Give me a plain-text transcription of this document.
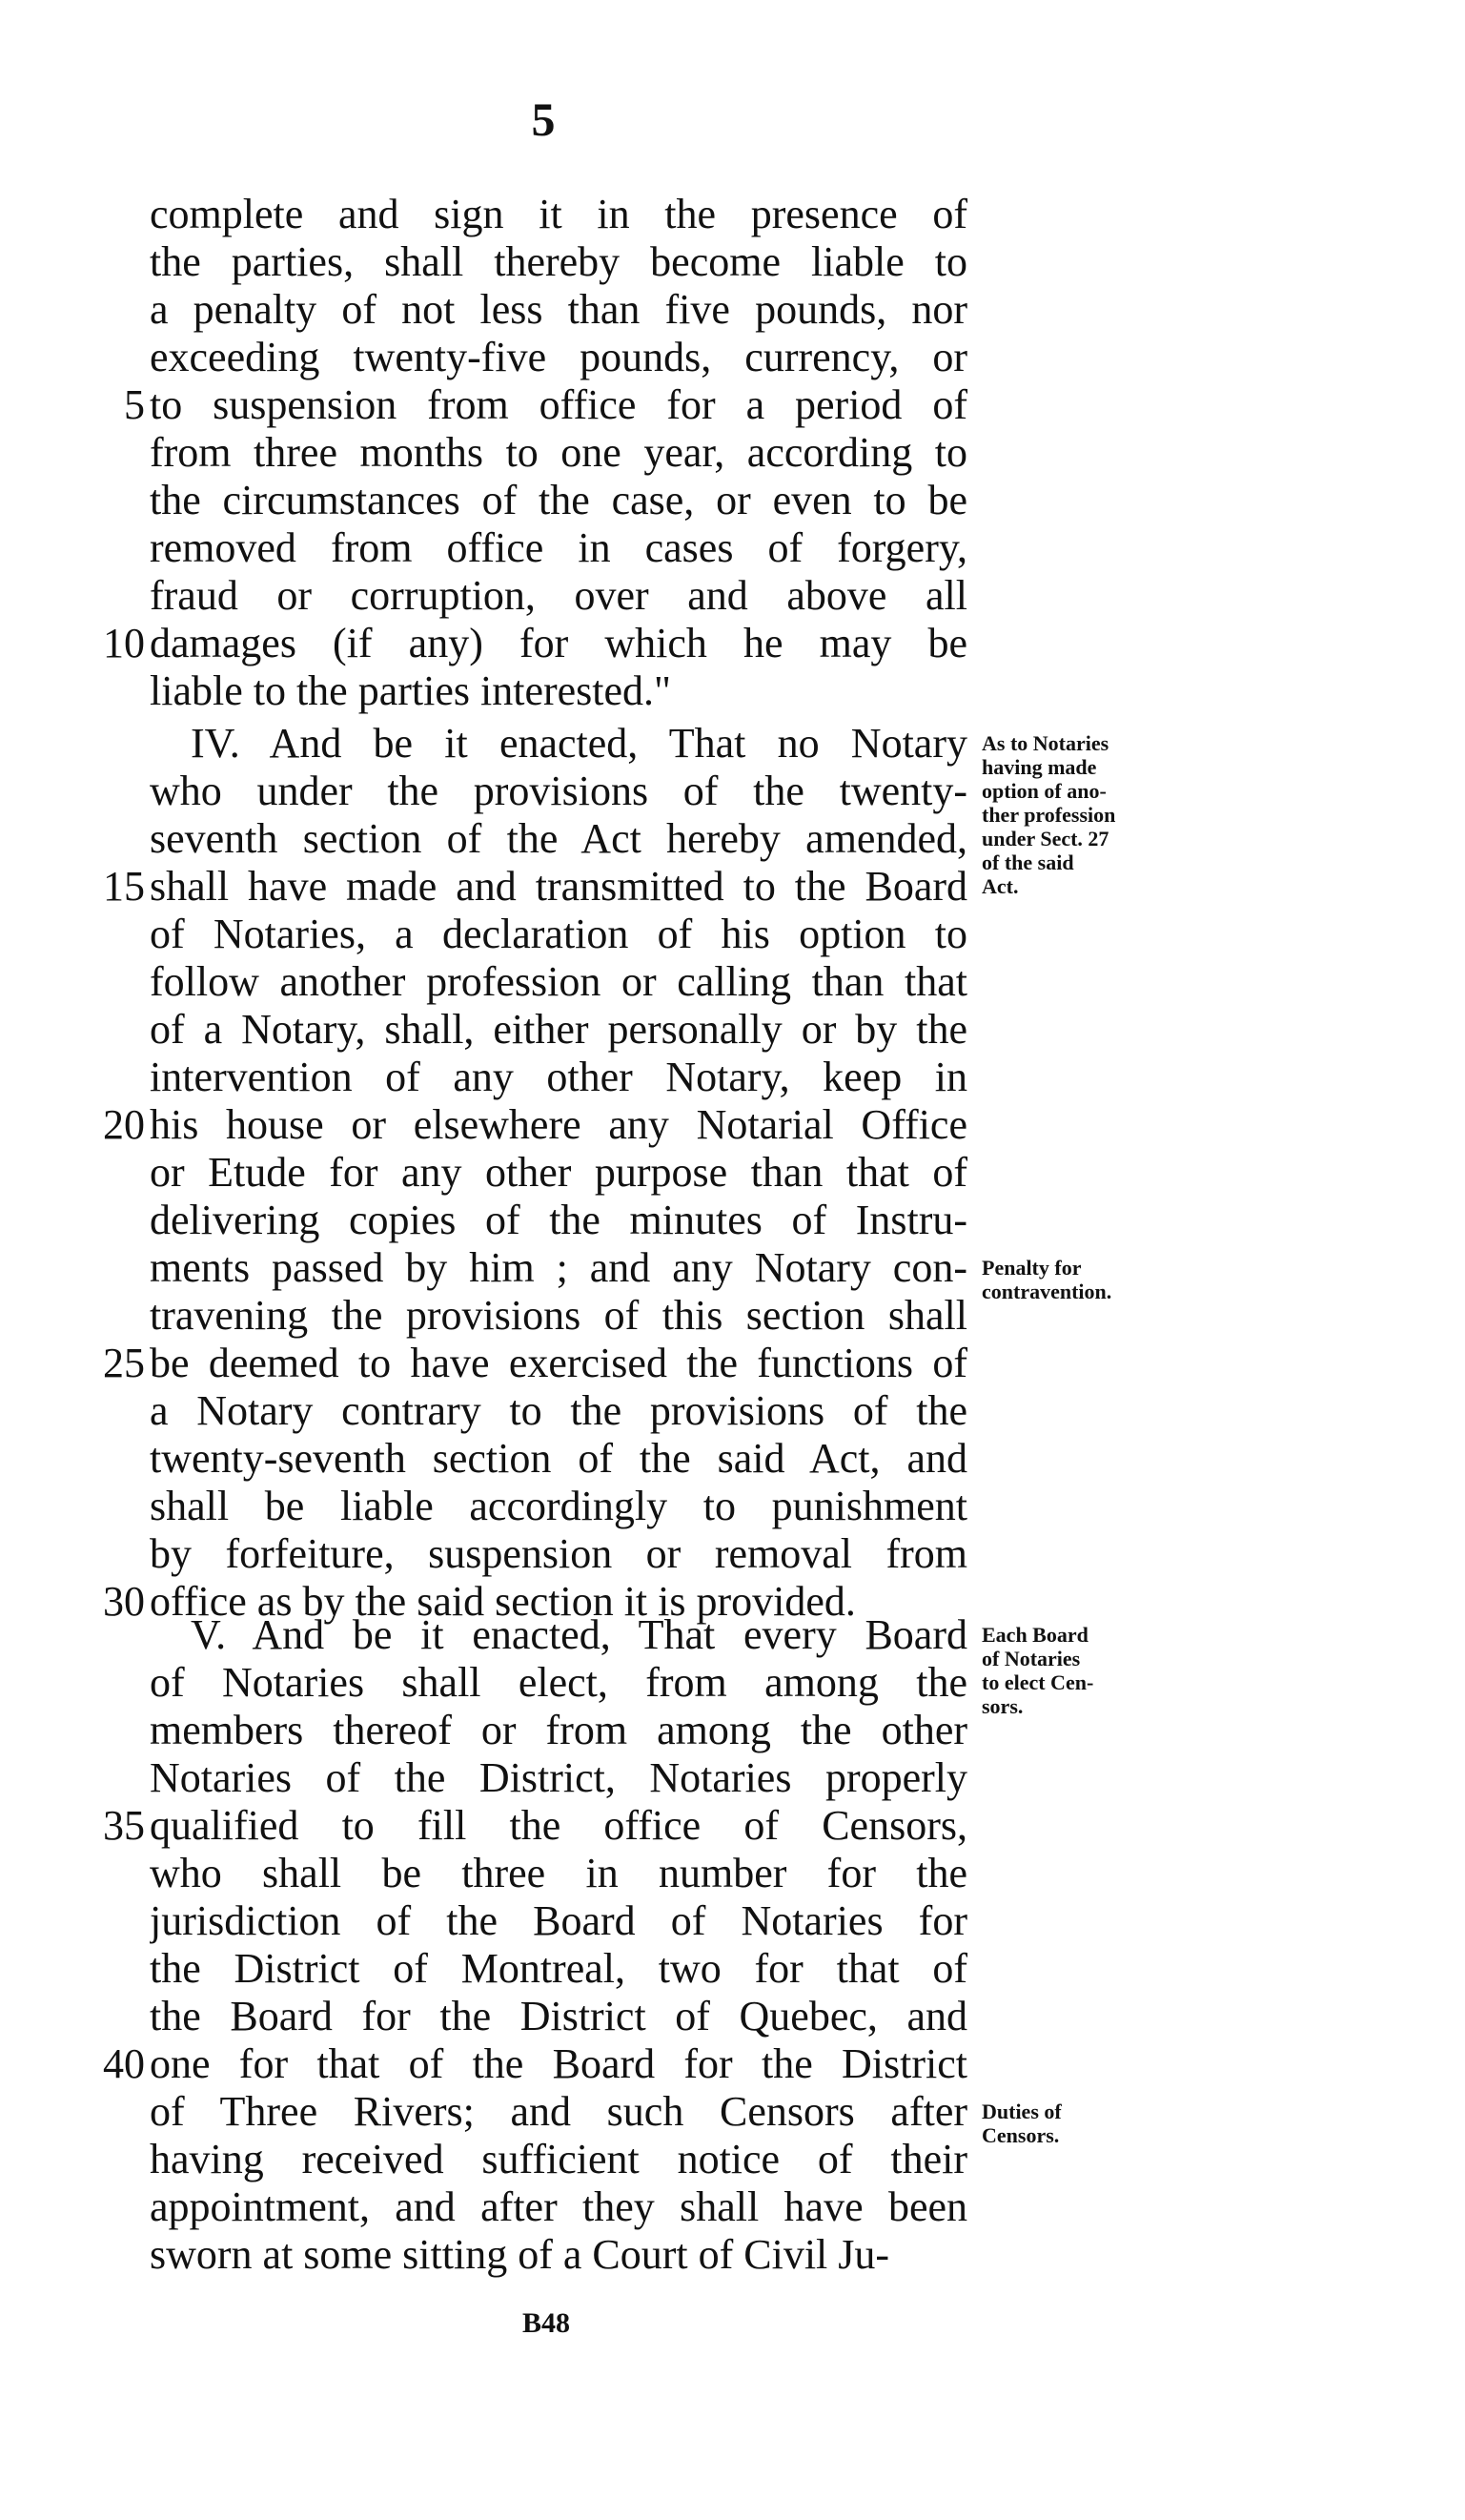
5
complete and sign it in the presence of
the parties, shall thereby become liable to
a penalty of not less than five pounds, nor
exceeding twenty-five pounds, currency, or
5 to suspension from office for a period of
from three months to one year, according to
the circumstances of the case, or even to be
removed from office in cases of forgery,
fraud or corruption, over and above all
10 damages (if any) for which he may be
liable to the parties interested."
IV. And be it enacted, That no Notary
who under the provisions of the twenty-
seventh section of the Act hereby amended,
15 shall have made and transmitted to the Board
of Notaries, a declaration of his option to
follow another profession or calling than that
of a Notary, shall, either personally or by the
intervention of any other Notary, keep in
20 his house or elsewhere any Notarial Office
or Etude for any other purpose than that of
delivering copies of the minutes of Instru-
ments passed by him ; and any Notary con-
travening the provisions of this section shall
25 be deemed to have exercised the functions of
a Notary contrary to the provisions of the
twenty-seventh section of the said Act, and
shall be liable accordingly to punishment
by forfeiture, suspension or removal from
30 office as by the said section it is provided.
As to Notaries
having made
option of ano-
ther profession
under Sect. 27
of the said
Act.
Penalty for
contravention.
V. And be it enacted, That every Board
of Notaries shall elect, from among the
members thereof or from among the other
Notaries of the District, Notaries properly
35 qualified to fill the office of Censors,
who shall be three in number for the
jurisdiction of the Board of Notaries for
the District of Montreal, two for that of
the Board for the District of Quebec, and
40 one for that of the Board for the District
of Three Rivers; and such Censors after
having received sufficient notice of their
appointment, and after they shall have been
sworn at some sitting of a Court of Civil Ju-
Each Board
of Notaries
to elect Cen-
sors.
Duties of
Censors.
B48
